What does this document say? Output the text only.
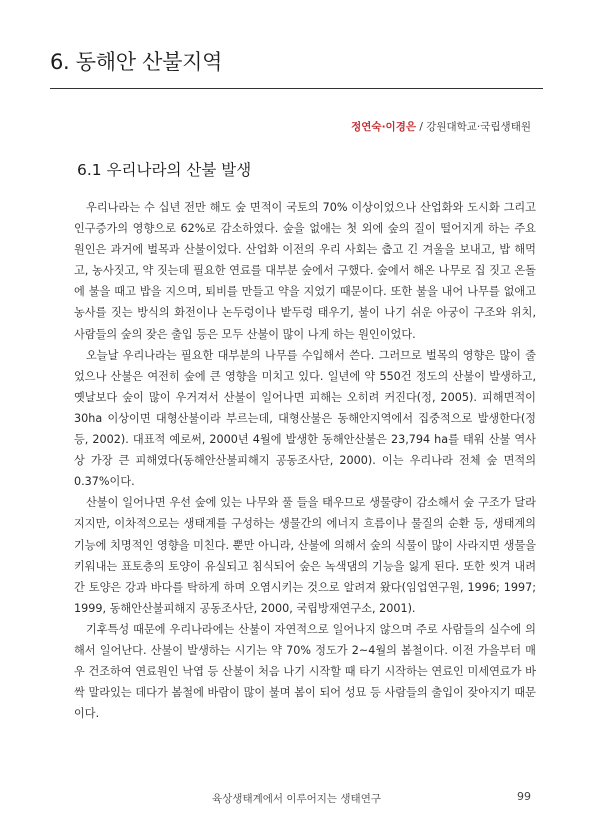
6. 동해안 산불지역
정연숙·이경은 / 강원대학교·국립생태원
6.1 우리나라의 산불 발생

우리나라는 수 십년 전만 해도 숲 면적이 국토의 70% 이상이었으나 산업화와 도시화 그리고 인구증가의 영향으로 62%로 감소하였다. 숲을 없애는 첫 외에 숲의 질이 떨어지게 하는 주요 원인은 과거에 벌목과 산불이었다. 산업화 이전의 우리 사회는 춥고 긴 겨울을 보내고, 밥 해먹고, 농사짓고, 약 짓는데 필요한 연료를 대부분 숲에서 구했다. 숲에서 해온 나무로 집 짓고 온돌에 불을 때고 밥을 지으며, 퇴비를 만들고 약을 지었기 때문이다. 또한 불을 내어 나무를 없애고 농사를 짓는 방식의 화전이나 논두렁이나 밭두렁 태우기, 불이 나기 쉬운 아궁이 구조와 위치, 사람들의 숲의 잦은 출입 등은 모두 산불이 많이 나게 하는 원인이었다.

오늘날 우리나라는 필요한 대부분의 나무를 수입해서 쓴다. 그러므로 벌목의 영향은 많이 줄었으나 산불은 여전히 숲에 큰 영향을 미치고 있다. 일년에 약 550건 정도의 산불이 발생하고, 옛날보다 숲이 많이 우거져서 산불이 일어나면 피해는 오히려 커진다(정, 2005). 피해면적이 30ha 이상이면 대형산불이라 부르는데, 대형산불은 동해안지역에서 집중적으로 발생한다(정 등, 2002). 대표적 예로써, 2000년 4월에 발생한 동해안산불은 23,794 ha를 태워 산불 역사상 가장 큰 피해였다(동해안산불피해지 공동조사단, 2000). 이는 우리나라 전체 숲 면적의 0.37%이다.

산불이 일어나면 우선 숲에 있는 나무와 풀 들을 태우므로 생물량이 감소해서 숲 구조가 달라지지만, 이차적으로는 생태계를 구성하는 생물간의 에너지 흐름이나 물질의 순환 등, 생태계의 기능에 치명적인 영향을 미친다. 뿐만 아니라, 산불에 의해서 숲의 식물이 많이 사라지면 생물을 키워내는 표토층의 토양이 유실되고 침식되어 숲은 녹색댐의 기능을 잃게 된다. 또한 씻겨 내려간 토양은 강과 바다를 탁하게 하며 오염시키는 것으로 알려져 왔다(임업연구원, 1996; 1997; 1999, 동해안산불피해지 공동조사단, 2000, 국립방재연구소, 2001).

기후특성 때문에 우리나라에는 산불이 자연적으로 일어나지 않으며 주로 사람들의 실수에 의해서 일어난다. 산불이 발생하는 시기는 약 70% 정도가 2~4월의 봄철이다. 이전 가을부터 매우 건조하여 연료원인 낙엽 등 산불이 처음 나기 시작할 때 타기 시작하는 연료인 미세연료가 바싹 말라있는 데다가 봄철에 바람이 많이 불며 봄이 되어 성묘 등 사람들의 출입이 잦아지기 때문이다.

육상생태계에서 이루어지는 생태연구	99
